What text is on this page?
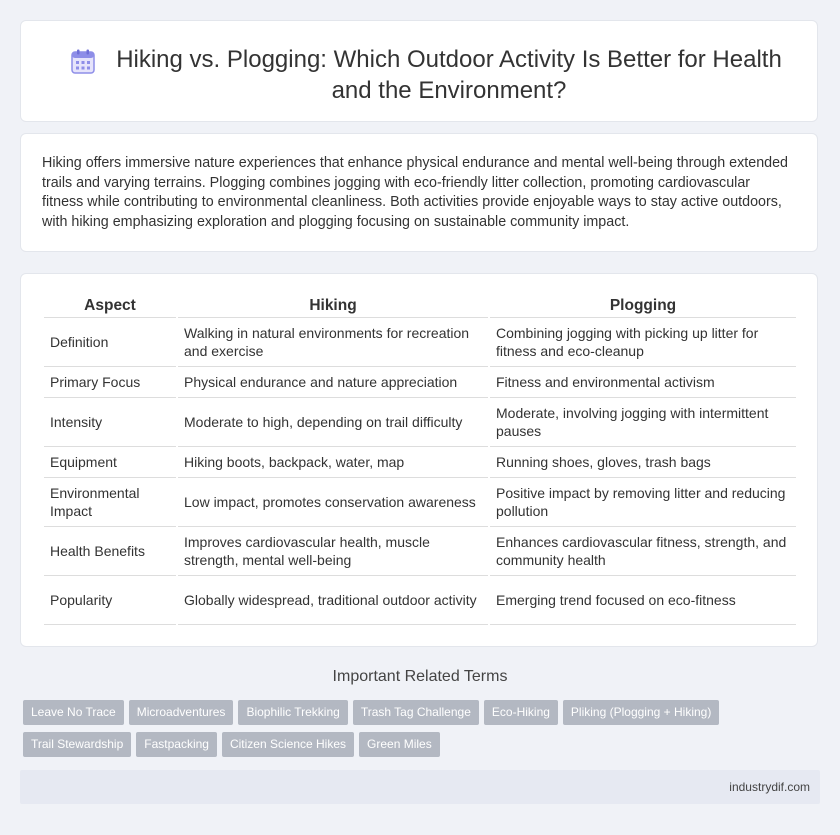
Hiking vs. Plogging: Which Outdoor Activity Is Better for Health and the Environment?

Hiking offers immersive nature experiences that enhance physical endurance and mental well-being through extended trails and varying terrains. Plogging combines jogging with eco-friendly litter collection, promoting cardiovascular fitness while contributing to environmental cleanliness. Both activities provide enjoyable ways to stay active outdoors, with hiking emphasizing exploration and plogging focusing on sustainable community impact.

Aspect	Hiking	Plogging
Definition	Walking in natural environments for recreation and exercise	Combining jogging with picking up litter for fitness and eco-cleanup
Primary Focus	Physical endurance and nature appreciation	Fitness and environmental activism
Intensity	Moderate to high, depending on trail difficulty	Moderate, involving jogging with intermittent pauses
Equipment	Hiking boots, backpack, water, map	Running shoes, gloves, trash bags
Environmental Impact	Low impact, promotes conservation awareness	Positive impact by removing litter and reducing pollution
Health Benefits	Improves cardiovascular health, muscle strength, mental well-being	Enhances cardiovascular fitness, strength, and community health
Popularity	Globally widespread, traditional outdoor activity	Emerging trend focused on eco-fitness
Important Related Terms
Leave No Trace Microadventures Biophilic Trekking Trash Tag Challenge Eco-Hiking Pliking (Plogging + Hiking)
Trail Stewardship Fastpacking Citizen Science Hikes Green Miles
industrydif.com
